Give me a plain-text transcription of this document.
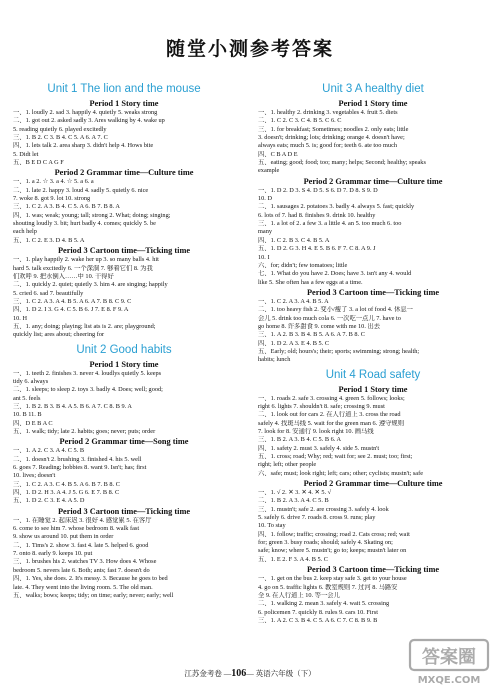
随堂小测参考答案
Unit 1 The lion and the mouse
Period 1 Story time
一、1. loudly 2. sad 3. happily 4. quietly 5. weaks strong
二、1. got out 2. asked sadly 3. Ares walking by 4. wake up
5. reading quietly 6. played excitedly
三、1. B 2. C 3. B 4. C 5. A 6. A 7. C
四、1. lets talk 2. area sharp 3. didn't help 4. Hows bite
5. Didt let
五、B E D C A G F
Period 2 Grammar time—Culture time
一、1. a 2. ☆ 3. a 4. ☆ 5. a 6. a
二、1. late 2. happy 3. loud 4. sadly 5. quietly 6. nice
7. woke 8. got 9. lot 10. strong
三、1. C 2. A 3. B 4. C 5. A 6. B 7. B 8. A
四、1. was; weak; young; tall; strong 2. What; doing; singing;
shouting loudly 3. bit; hurt badly 4. comes; quickly 5. be
each help
五、1. C 2. E 3. D 4. B 5. A
Period 3 Cartoon time—Ticking time
一、1. play happily 2. wake her up 3. so many balls 4. hit
hard 5. talk excitedly 6. 一个深洞 7. 够着它们 8. 为我
们欢呼 9. 把水倒入……中 10. 干得好
二、1. quickly 2. quiet; quietly 3. him 4. are singing; happily
5. cried 6. sad 7. beautifully
三、1. C 2. A 3. A 4. B 5. A 6. A 7. B 8. C 9. C
四、1. D 2. I 3. G 4. C 5. B 6. J 7. E 8. F 9. A
10. H
五、1. any; doing; playing; list ats is 2. are; playground;
quickly list; ares about; cheering for
Unit 2 Good habits
Period 1 Story time
一、1. teeth 2. finishes 3. never 4. loudlys quietly 5. keeps
tidy 6. always
二、1. sleeps; to sleep 2. toys 3. badly 4. Does; well; good;
ant 5. feels
三、1. B 2. B 3. B 4. A 5. B 6. A 7. C 8. B 9. A
10. B 11. B
四、D E B A C
五、1. walk; tidy; late 2. habits; goes; never; puts; order
Period 2 Grammar time—Song time
一、1. A 2. C 3. A 4. C 5. B
二、1. doesn't 2. brushing 3. finished 4. his 5. well
6. goes 7. Reading; hobbies 8. want 9. Isn't; has; first
10. lives; doesn't
三、1. C 2. A 3. C 4. B 5. A 6. B 7. B 8. C
四、1. D 2. H 3. A 4. J 5. G 6. E 7. B 8. C
五、1. D 2. C 3. E 4. A 5. D
Period 3 Cartoon time—Ticking time
一、1. 在睡觉 2. 起床迟 3. 很好 4. 感觉累 5. 在客厅
6. come to see him 7. whose bedroom 8. walk fast
9. show us around 10. put them in order
二、1. Tims's 2. show 3. fast 4. late 5. helped 6. good
7. onto 8. early 9. keeps 10. put
三、1. brushes his 2. watches TV 3. How does 4. Whose
bedroom 5. nevers late 6. Both; ants; fast 7. doesn't do
四、1. Yes, she does. 2. It's messy. 3. Because he goes to bed
late. 4. They went into the living room. 5. The old man.
五、walks; bows; keeps; tidy; on time; early; never; early; well
Unit 3 A healthy diet
Period 1 Story time
一、1. healthy 2. drinking 3. vegetables 4. fruit 5. diets
二、1. C 2. C 3. C 4. B 5. C 6. C
三、1. for breakfast; Sometimes; noodles 2. only eats; little
3. doesn't; drinking; lots; drinking; orange 4. doesn't have;
always eats; much 5. is; good for; teeth 6. ate too much
四、C B A D E
五、eating; good; food; too; many; helps; Second; healthy; speaks
example
Period 2 Grammar time—Culture time
一、1. D 2. D 3. S 4. D 5. S 6. D 7. D 8. S 9. D
10. D
二、1. sausages 2. potatoes 3. badly 4. always 5. fast; quickly
6. lots of 7. had 8. finishes 9. drink 10. healthy
三、1. a lot of 2. a few 3. a little 4. an 5. too much 6. too
many
四、1. C 2. B 3. C 4. B 5. A
五、1. D 2. G 3. H 4. E 5. B 6. F 7. C 8. A 9. J
10. I
六、for; didn't; few tomatoes; little
七、1. What do you have 2. Does; have 3. isn't any 4. would
like 5. She often has a few eggs at a time.
Period 3 Cartoon time—Ticking time
一、1. C 2. A 3. A 4. B 5. A
二、1. too heavy fish 2. 变小/瘦了 3. a lot of food 4. 休息一
会儿 5. drink too much cola 6. 一次吃一点儿 7. have to
go home 8. 许多甜食 9. come with me 10. 出去
三、1. A 2. B 3. B 4. B 5. A 6. A 7. B 8. C
四、1. D 2. A 3. E 4. B 5. C
五、Early; old; hours's; their; sports; swimming; strong; health;
habits; lunch
Unit 4 Road safety
Period 1 Story time
一、1. roads 2. safe 3. crossing 4. green 5. follows; looks;
right 6. lights 7. shouldn't 8. safe; crossing 9. must
二、1. look out for cars 2. 在人行道上 3. cross the road
safely 4. 找斑马线 5. wait for the green man 6. 遵守规则
7. look for 8. 安通行 9. look right 10. 画马线
三、1. B 2. A 3. B 4. C 5. B 6. A
四、1. safety 2. must 3. safely 4. side 5. mustn't
五、1. cross; road; Why; red; wait for; see 2. must; too; first;
right; left; other people
六、safe; must; look right; left; cars; other; cyclists; mustn't; safe
Period 2 Grammar time—Culture time
一、1. √ 2. ✕ 3. ✕ 4. ✕ 5. √
二、1. B 2. A 3. A 4. C 5. B
三、1. mustn't; safe 2. are crossing 3. safely 4. look
5. safely 6. drive 7. roads 8. cross 9. runs; play
10. To stay
四、1. follow; traffic; crossing; road 2. Cats cross; red; wait
for; green 3. busy roads; should; safely 4. Skating on;
safe; know; where 5. mustn't; go to; keeps; mustn't later on
五、1. E 2. F 3. A 4. B 5. C
Period 3 Cartoon time—Ticking time
一、1. get on the bus 2. keep stay safe 3. get to your house
4. go on 5. traffic lights 6. 教室规则 7. 过河 8. 马路安
全 9. 在人行道上 10. 等一会儿
二、1. walking 2. mean 3. safely 4. wait 5. crossing
6. policemen 7. quickly 8. rules 9. cars 10. First
三、1. A 2. C 3. B 4. C 5. A 6. C 7. C 8. B 9. B
江苏金考卷 —106— 英语六年级（下）
答案圈
MXQE.COM
